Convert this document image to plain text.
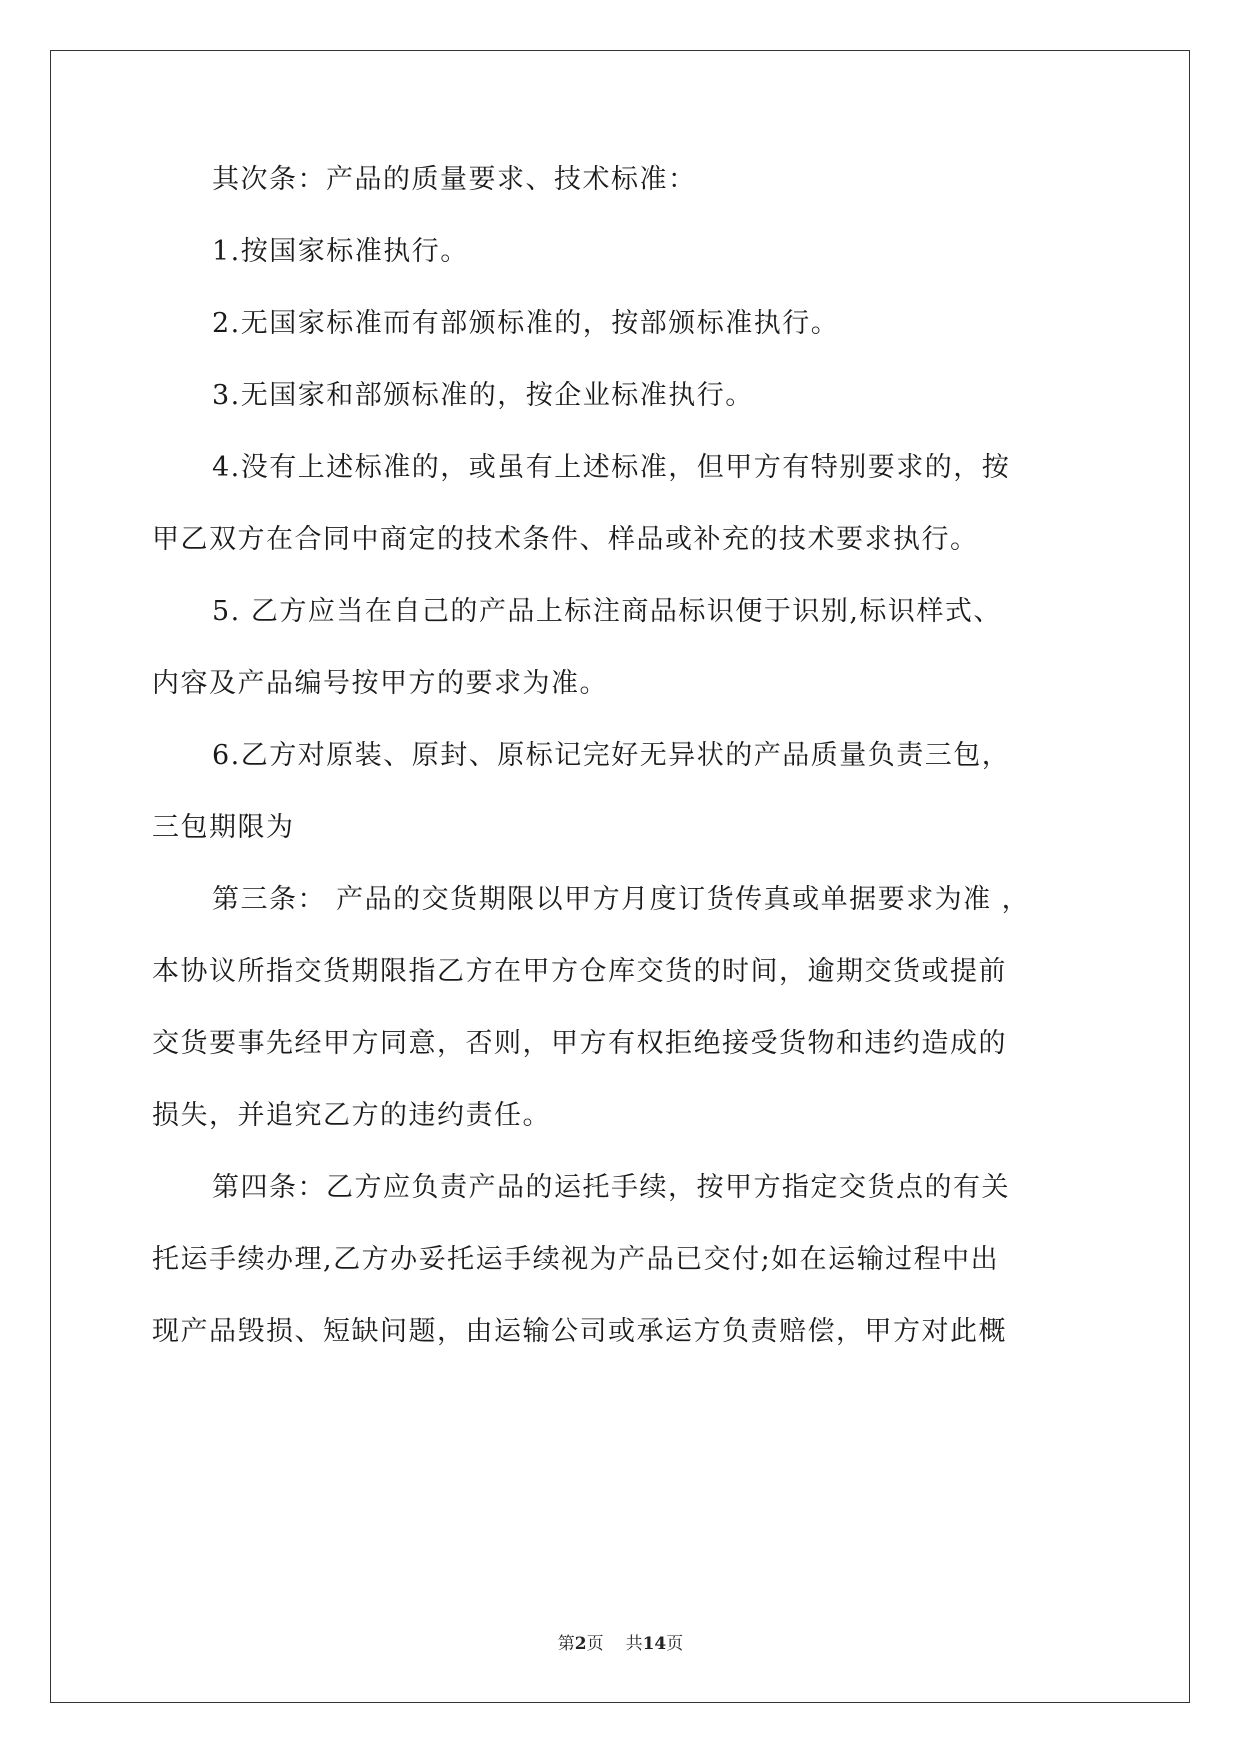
其次条：产品的质量要求、技术标准：
1.按国家标准执行。
2.无国家标准而有部颁标准的，按部颁标准执行。
3.无国家和部颁标准的，按企业标准执行。
4.没有上述标准的，或虽有上述标准，但甲方有特别要求的，按
甲乙双方在合同中商定的技术条件、样品或补充的技术要求执行。
5. 乙方应当在自己的产品上标注商品标识便于识别,标识样式、
内容及产品编号按甲方的要求为准。
6.乙方对原装、原封、原标记完好无异状的产品质量负责三包，
三包期限为
第三条： 产品的交货期限以甲方月度订货传真或单据要求为准 ，
本协议所指交货期限指乙方在甲方仓库交货的时间，逾期交货或提前
交货要事先经甲方同意，否则，甲方有权拒绝接受货物和违约造成的
损失，并追究乙方的违约责任。
第四条：乙方应负责产品的运托手续，按甲方指定交货点的有关
托运手续办理,乙方办妥托运手续视为产品已交付;如在运输过程中出
现产品毁损、短缺问题，由运输公司或承运方负责赔偿，甲方对此概
第2页 共14页
